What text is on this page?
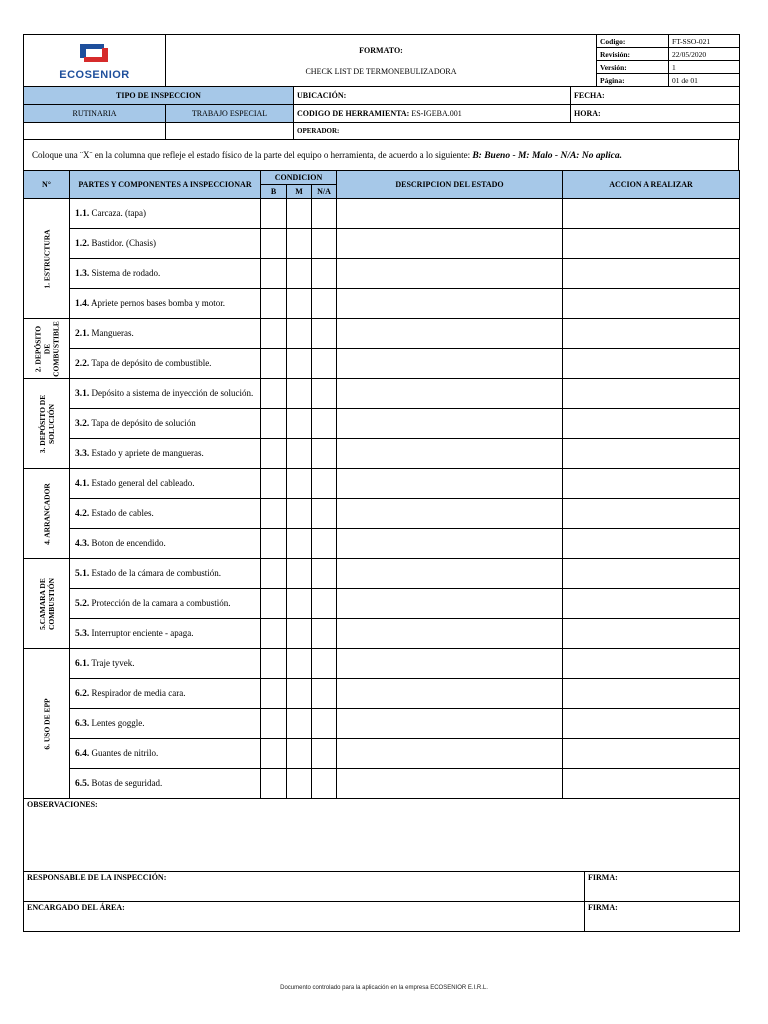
ECOSENIOR	FORMATO:
CHECK LIST DE TERMONEBULIZADORA	Codigo:	FT-SSO-021
		Revisión:	22/05/2020
		Versión:	1
		Página:	01 de 01
TIPO DE INSPECCION		UBICACIÓN:	FECHA:
RUTINARIA	TRABAJO ESPECIAL	CODIGO DE HERRAMIENTA: ES-IGEBA.001	HORA:
		OPERADOR:	
Coloque una ¨X¨ en la columna que refleje el estado físico de la parte del equipo o herramienta, de acuerdo a lo siguiente: B: Bueno - M: Malo - N/A: No aplica.
N°	PARTES Y COMPONENTES A INSPECCIONAR	CONDICION			DESCRIPCION DEL ESTADO	ACCION A REALIZAR
		B	M	N/A		

1. ESTRUCTURA	1.1. Carcaza. (tapa)					
	1.2. Bastidor. (Chasis)					
	1.3. Sistema de rodado.					
	1.4. Apriete pernos bases bomba y motor.					

2. DEPÓSITO DE COMBUSTIBLE	2.1. Mangueras.					
	2.2. Tapa de depósito de combustible.					

3. DEPÓSITO DE SOLUCIÓN	3.1. Depósito a sistema de inyección de solución.					
	3.2. Tapa de depósito de solución					
	3.3. Estado y apriete de mangueras.					

4. ARRANCADOR	4.1. Estado general del cableado.					
	4.2. Estado de cables.					
	4.3. Boton de encendido.					

5.CAMARA DE COMBUSTIÓN	5.1. Estado de la cámara de combustión.					
	5.2. Protección de la camara a combustión.					
	5.3. Interruptor enciente - apaga.					

6. USO DE EPP	6.1. Traje tyvek.					
	6.2. Respirador de media cara.					
	6.3. Lentes goggle.					
	6.4. Guantes de nitrilo.					
	6.5. Botas de seguridad.					
OBSERVACIONES:	
RESPONSABLE DE LA INSPECCIÓN:	FIRMA:
ENCARGADO DEL ÁREA:	FIRMA:
Documento controlado para la aplicación en la empresa ECOSENIOR E.I.R.L.
